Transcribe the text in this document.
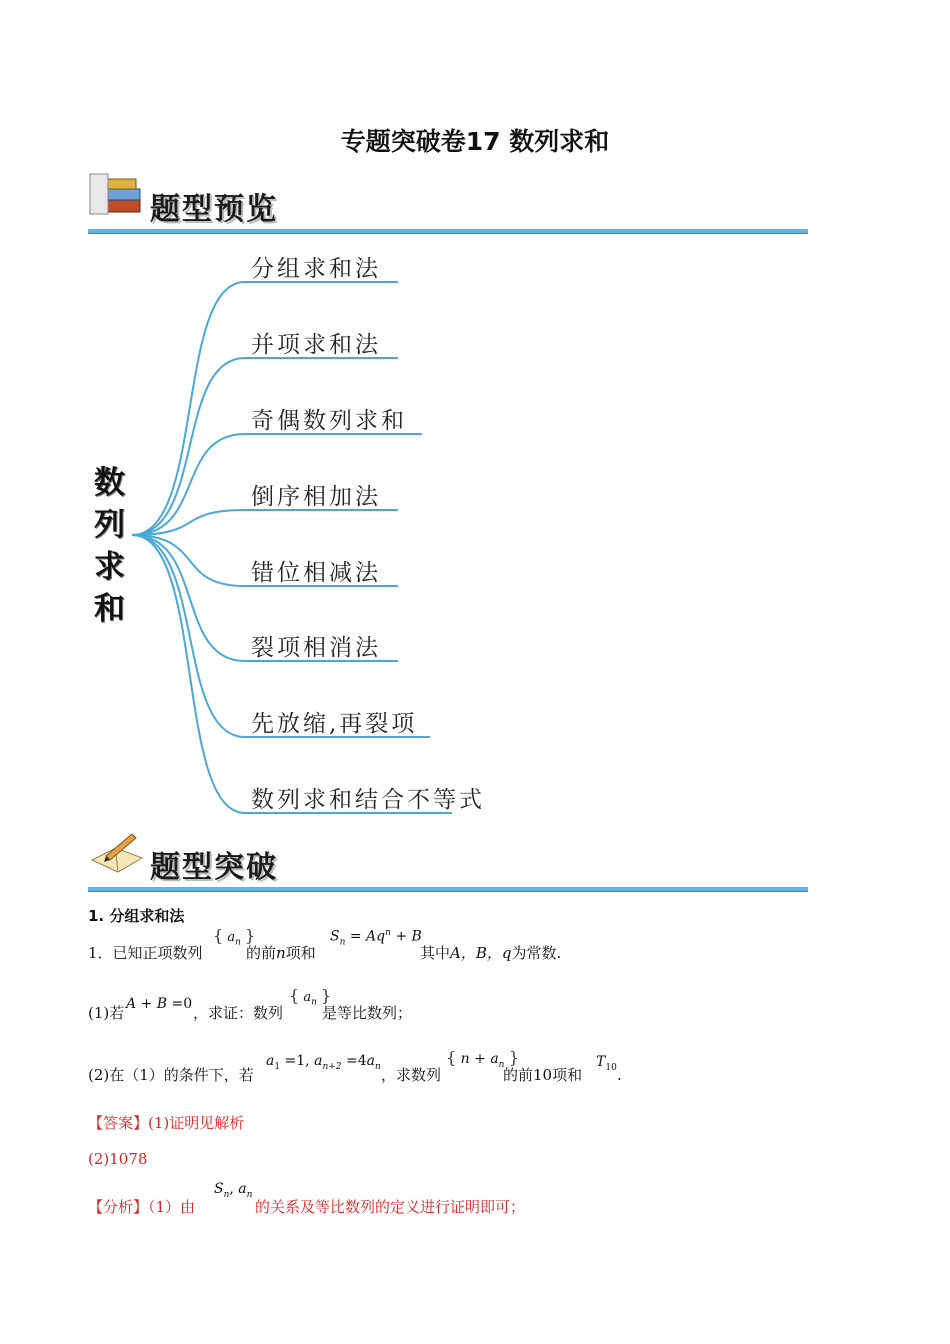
专题突破卷17 数列求和
题型预览
数
列
求
和
分组求和法
并项求和法
奇偶数列求和
倒序相加法
错位相减法
裂项相消法
先放缩,再裂项
数列求和结合不等式
题型突破
1. 分组求和法
1．已知正项数列
{ $a_n$ }
的前n项和
$S_n = Aq^n + B$
其中A，B，q为常数.
(1)若 A + B =0 ，求证：数列
{ $a_n$ }
是等比数列；
(2)在（1）的条件下，若
$a_1 =1$, $a_{n+2} =4a_n$ ，求数列
{ $n + a_n$ }
的前10项和
$T_{10}$ .
【答案】(1)证明见解析
(2)1078
【分析】（1）由
$S_n$, $a_n$
的关系及等比数列的定义进行证明即可；
